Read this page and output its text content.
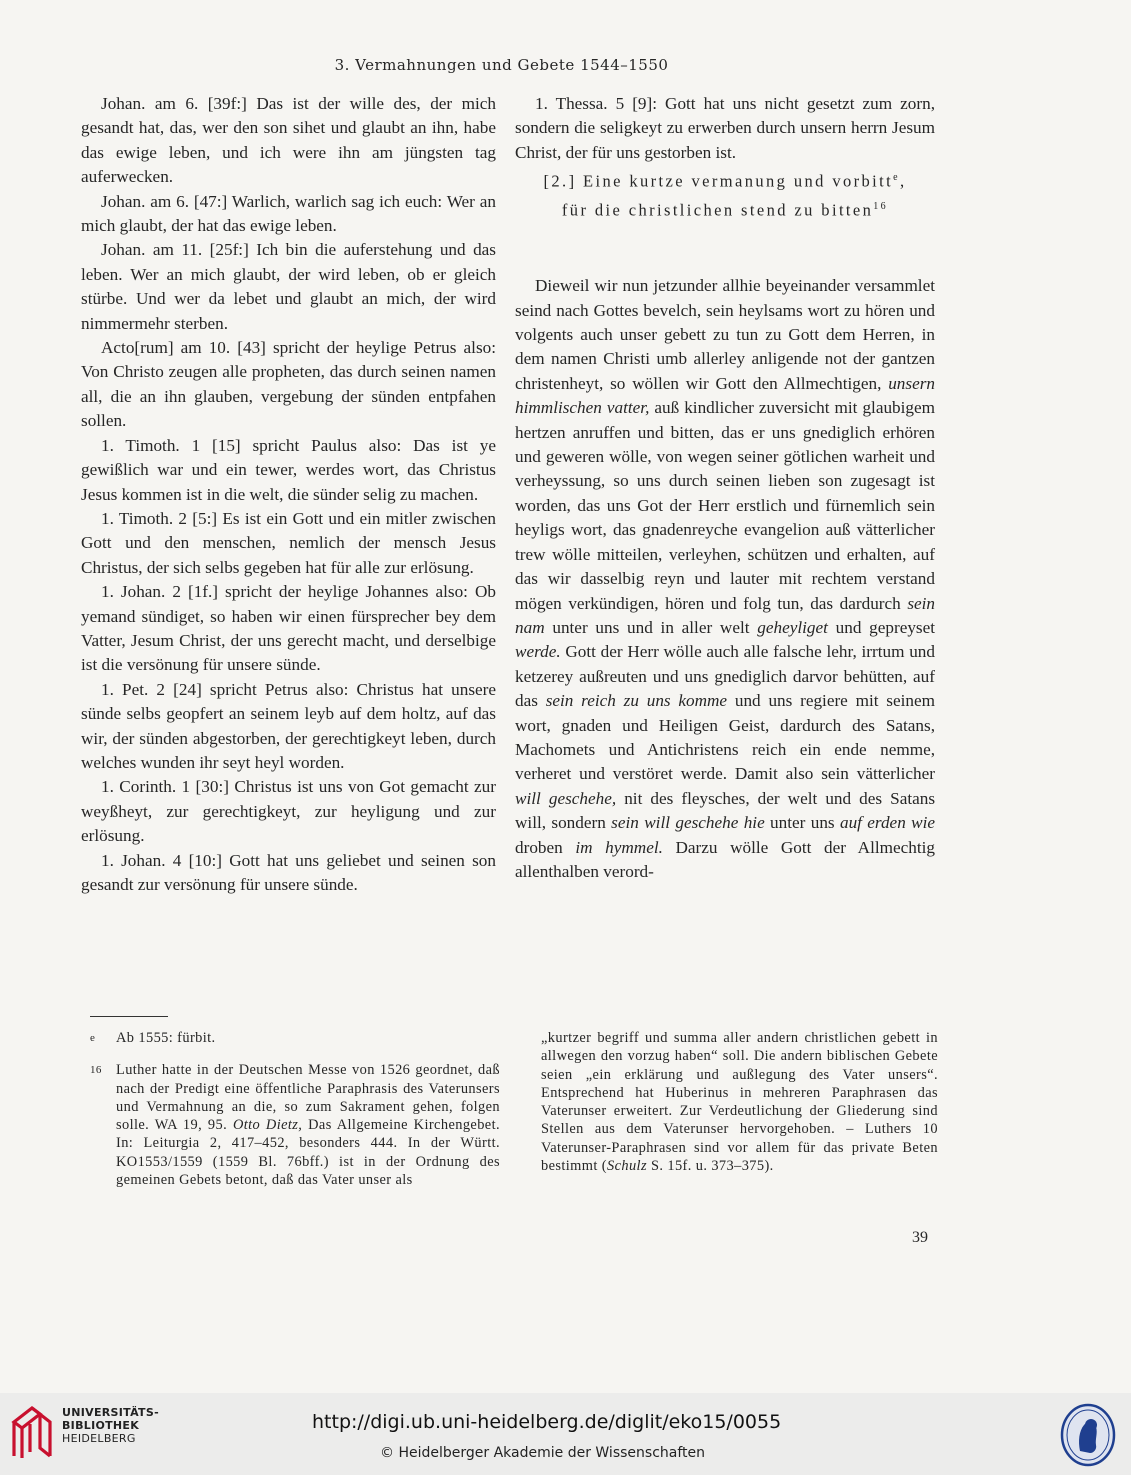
3. Vermahnungen und Gebete 1544–1550

Johan. am 6. [39f:] Das ist der wille des, der mich gesandt hat, das, wer den son sihet und glaubt an ihn, habe das ewige leben, und ich were ihn am jüngsten tag auferwecken.

Johan. am 6. [47:] Warlich, warlich sag ich euch: Wer an mich glaubt, der hat das ewige leben.

Johan. am 11. [25f:] Ich bin die auferstehung und das leben. Wer an mich glaubt, der wird leben, ob er gleich stürbe. Und wer da lebet und glaubt an mich, der wird nimmermehr sterben.

Acto[rum] am 10. [43] spricht der heylige Petrus also: Von Christo zeugen alle propheten, das durch seinen namen all, die an ihn glauben, vergebung der sünden entpfahen sollen.

1. Timoth. 1 [15] spricht Paulus also: Das ist ye gewißlich war und ein tewer, werdes wort, das Christus Jesus kommen ist in die welt, die sünder selig zu machen.

1. Timoth. 2 [5:] Es ist ein Gott und ein mitler zwischen Gott und den menschen, nemlich der mensch Jesus Christus, der sich selbs gegeben hat für alle zur erlösung.

1. Johan. 2 [1f.] spricht der heylige Johannes also: Ob yemand sündiget, so haben wir einen fürsprecher bey dem Vatter, Jesum Christ, der uns gerecht macht, und derselbige ist die versönung für unsere sünde.

1. Pet. 2 [24] spricht Petrus also: Christus hat unsere sünde selbs geopfert an seinem leyb auf dem holtz, auf das wir, der sünden abgestorben, der gerechtigkeyt leben, durch welches wunden ihr seyt heyl worden.

1. Corinth. 1 [30:] Christus ist uns von Got gemacht zur weyßheyt, zur gerechtigkeyt, zur heyligung und zur erlösung.

1. Johan. 4 [10:] Gott hat uns geliebet und seinen son gesandt zur versönung für unsere sünde.

1. Thessa. 5 [9]: Gott hat uns nicht gesetzt zum zorn, sondern die seligkeyt zu erwerben durch unsern herrn Jesum Christ, der für uns gestorben ist.

[2.] Eine kurtze vermanung und vorbitt$^e$,
für die christlichen stend zu bitten$^{16}$

Dieweil wir nun jetzunder allhie beyeinander versammlet seind nach Gottes bevelch, sein heylsams wort zu hören und volgents auch unser gebett zu tun zu Gott dem Herren, in dem namen Christi umb allerley anligende not der gantzen christenheyt, so wöllen wir Gott den Allmechtigen, unsern himmlischen vatter, auß kindlicher zuversicht mit glaubigem hertzen anruffen und bitten, das er uns gnediglich erhören und geweren wölle, von wegen seiner götlichen warheit und verheyssung, so uns durch seinen lieben son zugesagt ist worden, das uns Got der Herr erstlich und fürnemlich sein heyligs wort, das gnadenreyche evangelion auß vätterlicher trew wölle mitteilen, verleyhen, schützen und erhalten, auf das wir dasselbig reyn und lauter mit rechtem verstand mögen verkündigen, hören und folg tun, das dardurch sein nam unter uns und in aller welt geheyliget und gepreyset werde. Gott der Herr wölle auch alle falsche lehr, irrtum und ketzerey außreuten und uns gnediglich darvor behütten, auf das sein reich zu uns komme und uns regiere mit seinem wort, gnaden und Heiligen Geist, dardurch des Satans, Machomets und Antichristens reich ein ende nemme, verheret und verstöret werde. Damit also sein vätterlicher will geschehe, nit des fleysches, der welt und des Satans will, sondern sein will geschehe hie unter uns auf erden wie droben im hymmel. Darzu wölle Gott der Allmechtig allenthalben verord-

e Ab 1555: fürbit.

16 Luther hatte in der Deutschen Messe von 1526 geordnet, daß nach der Predigt eine öffentliche Paraphrasis des Vaterunsers und Vermahnung an die, so zum Sakrament gehen, folgen solle. WA 19, 95. Otto Dietz, Das Allgemeine Kirchengebet. In: Leiturgia 2, 417–452, besonders 444. In der Württ. KO1553/1559 (1559 Bl. 76bff.) ist in der Ordnung des gemeinen Gebets betont, daß das Vater unser als

„kurtzer begriff und summa aller andern christlichen gebett in allwegen den vorzug haben“ soll. Die andern biblischen Gebete seien „ein erklärung und außlegung des Vater unsers“. Entsprechend hat Huberinus in mehreren Paraphrasen das Vaterunser erweitert. Zur Verdeutlichung der Gliederung sind Stellen aus dem Vaterunser hervorgehoben. – Luthers 10 Vaterunser-Paraphrasen sind vor allem für das private Beten bestimmt (Schulz S. 15f. u. 373–375).

39
UNIVERSITÄTS-
BIBLIOTHEK
HEIDELBERG
http://digi.ub.uni-heidelberg.de/diglit/eko15/0055
© Heidelberger Akademie der Wissenschaften
